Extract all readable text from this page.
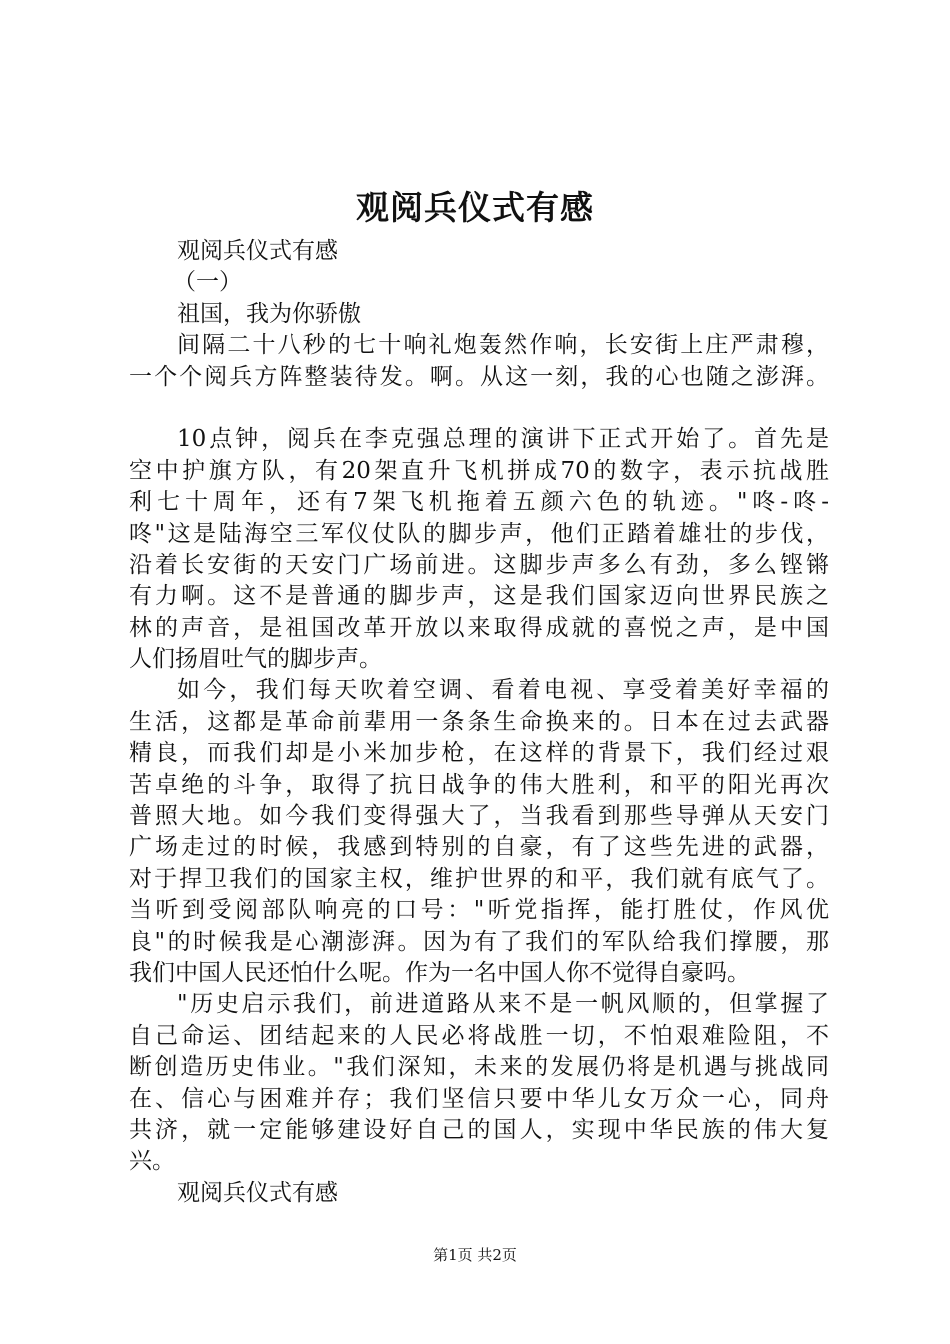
观阅兵仪式有感
观阅兵仪式有感
（一）
祖国，我为你骄傲
间隔二十八秒的七十响礼炮轰然作响，长安街上庄严肃穆，
一个个阅兵方阵整装待发。啊。从这一刻，我的心也随之澎湃。
10点钟，阅兵在李克强总理的演讲下正式开始了。首先是
空中护旗方队，有20架直升飞机拼成70的数字，表示抗战胜
利七十周年，还有7架飞机拖着五颜六色的轨迹。"咚-咚-
咚"这是陆海空三军仪仗队的脚步声，他们正踏着雄壮的步伐，
沿着长安街的天安门广场前进。这脚步声多么有劲，多么铿锵
有力啊。这不是普通的脚步声，这是我们国家迈向世界民族之
林的声音，是祖国改革开放以来取得成就的喜悦之声，是中国
人们扬眉吐气的脚步声。
如今，我们每天吹着空调、看着电视、享受着美好幸福的
生活，这都是革命前辈用一条条生命换来的。日本在过去武器
精良，而我们却是小米加步枪，在这样的背景下，我们经过艰
苦卓绝的斗争，取得了抗日战争的伟大胜利，和平的阳光再次
普照大地。如今我们变得强大了，当我看到那些导弹从天安门
广场走过的时候，我感到特别的自豪，有了这些先进的武器，
对于捍卫我们的国家主权，维护世界的和平，我们就有底气了。
当听到受阅部队响亮的口号："听党指挥，能打胜仗，作风优
良"的时候我是心潮澎湃。因为有了我们的军队给我们撑腰，那
我们中国人民还怕什么呢。作为一名中国人你不觉得自豪吗。
"历史启示我们，前进道路从来不是一帆风顺的，但掌握了
自己命运、团结起来的人民必将战胜一切，不怕艰难险阻，不
断创造历史伟业。"我们深知，未来的发展仍将是机遇与挑战同
在、信心与困难并存；我们坚信只要中华儿女万众一心，同舟
共济，就一定能够建设好自己的国人，实现中华民族的伟大复
兴。
观阅兵仪式有感
第1页 共2页
